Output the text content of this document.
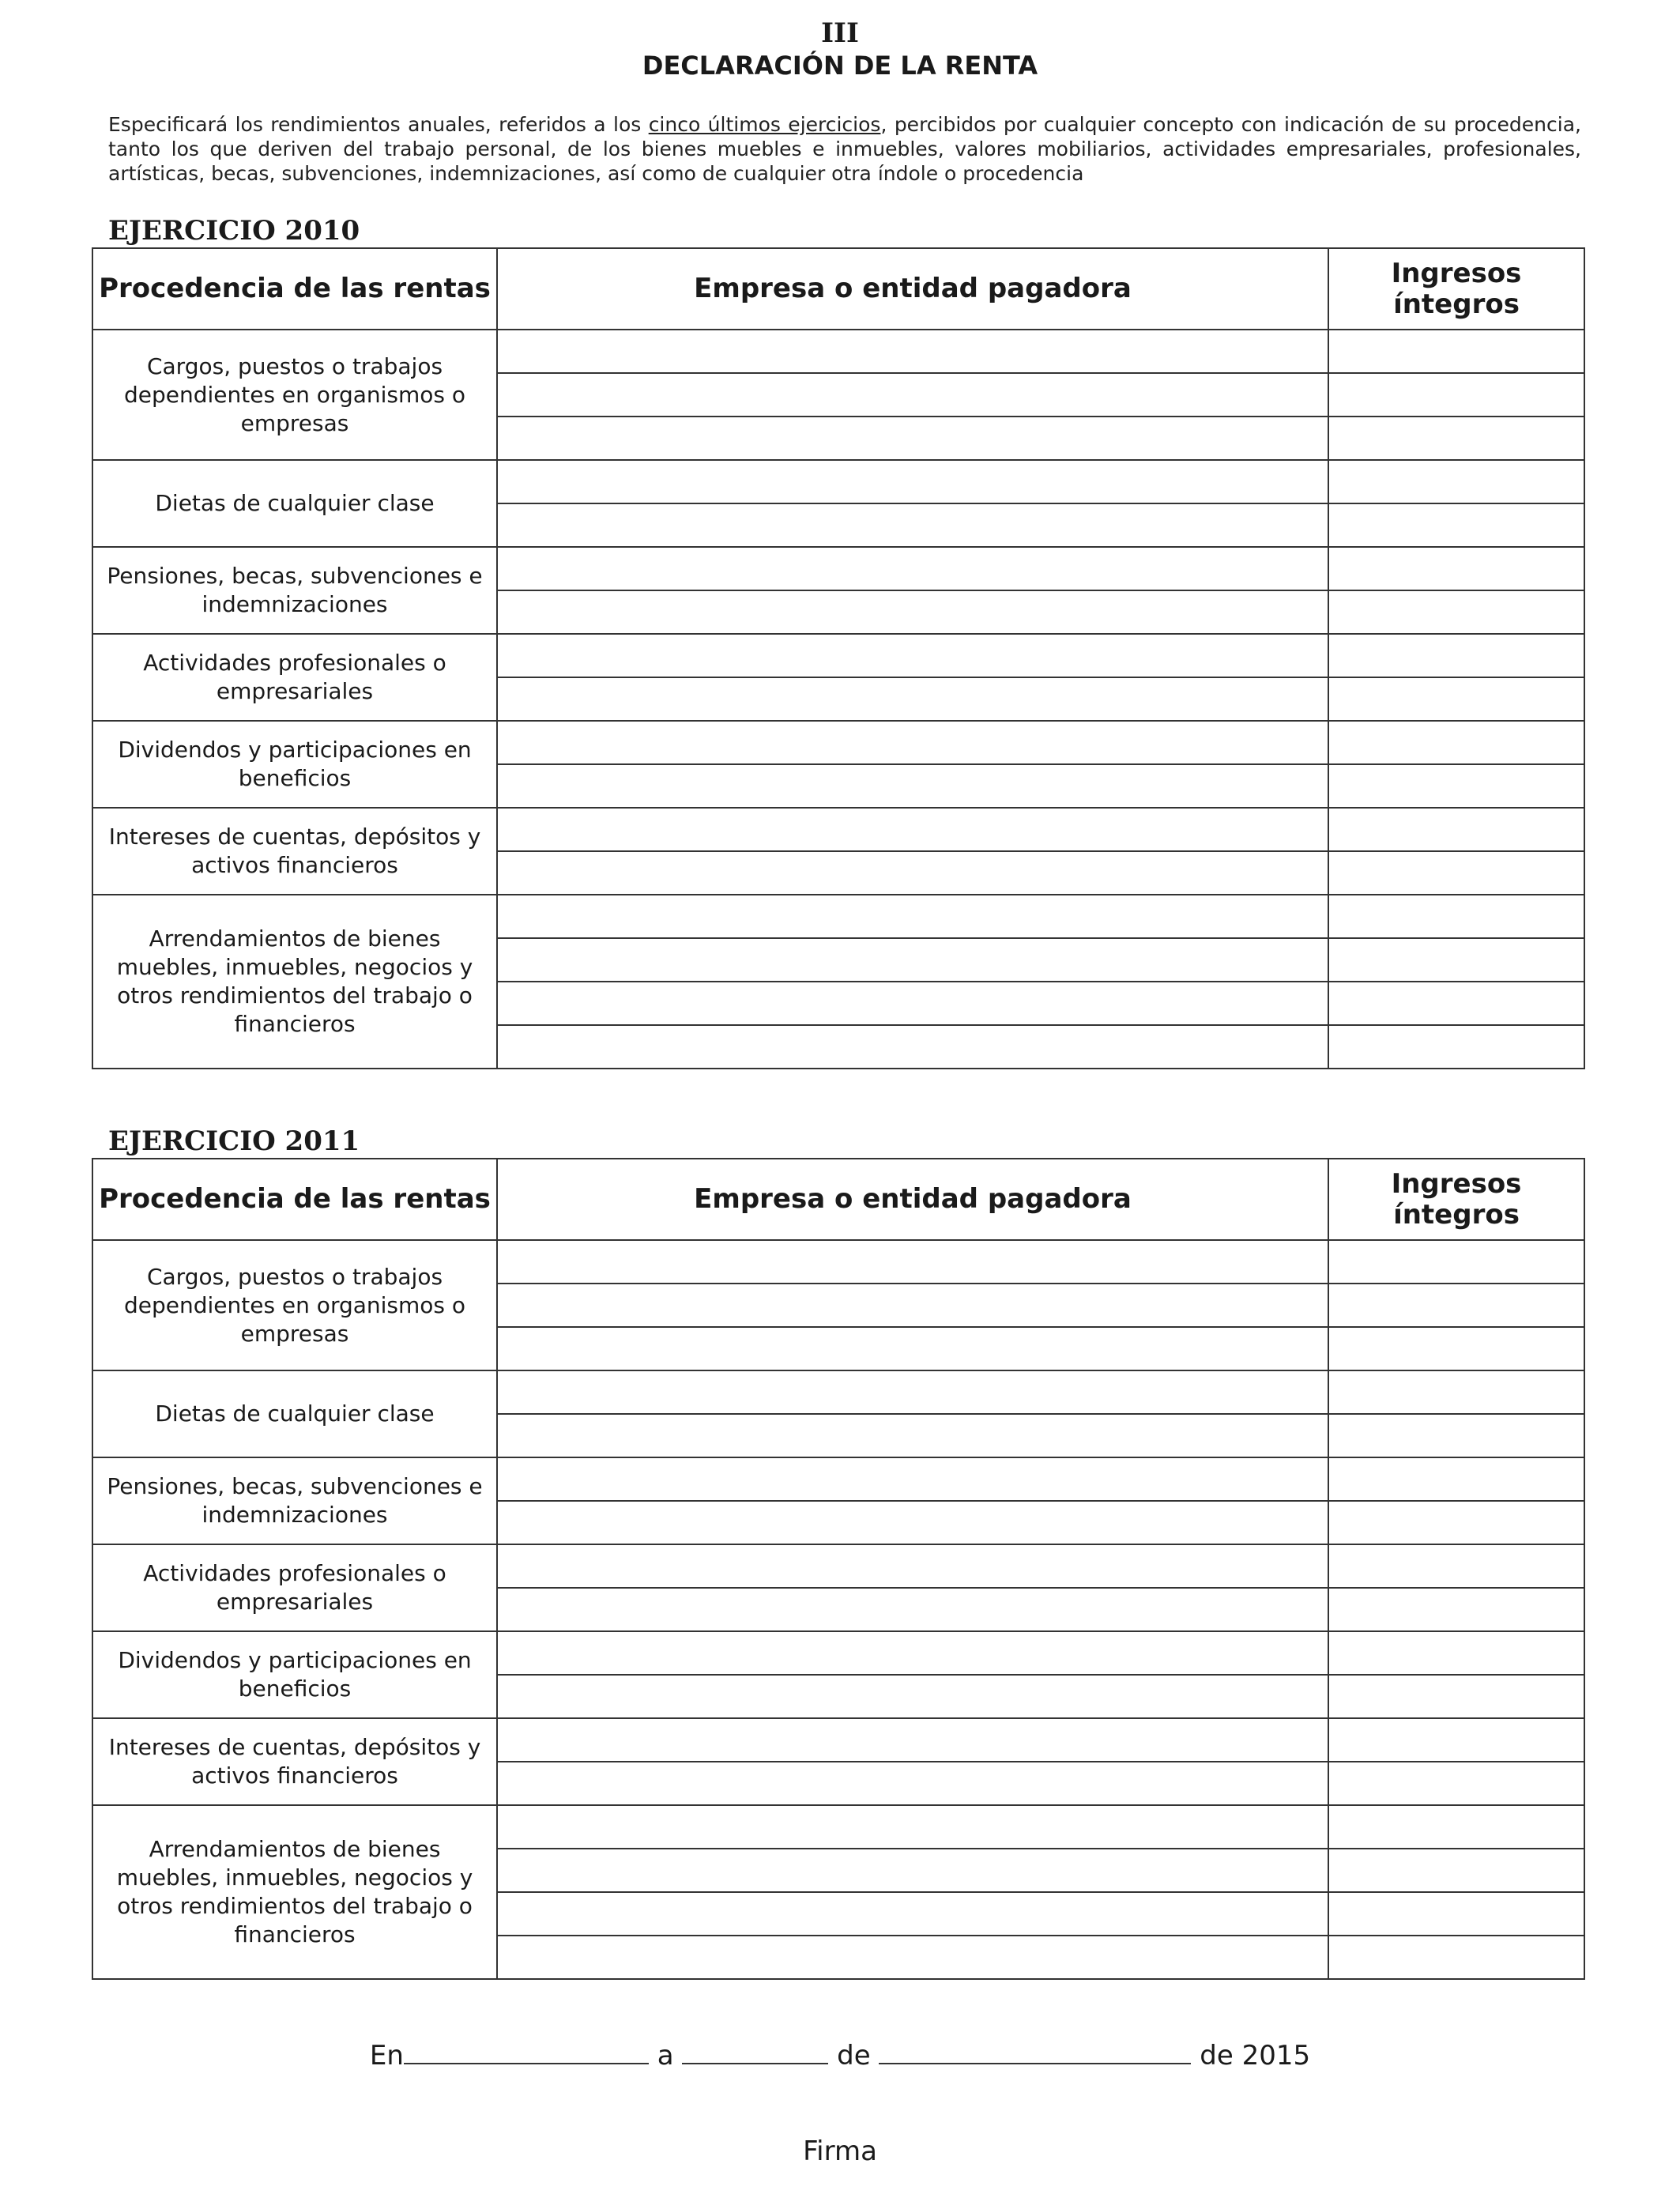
III
DECLARACIÓN DE LA RENTA
Especificará los rendimientos anuales, referidos a los cinco últimos ejercicios, percibidos por cualquier concepto con indicación de su procedencia, tanto los que deriven del trabajo personal, de los bienes muebles e inmuebles, valores mobiliarios, actividades empresariales, profesionales, artísticas, becas, subvenciones, indemnizaciones, así como de cualquier otra índole o procedencia
EJERCICIO 2010
Procedencia de las rentas	Empresa o entidad pagadora	Ingresos íntegros
Cargos, puestos o trabajos dependientes en organismos o empresas		

Dietas de cualquier clase		

Pensiones, becas, subvenciones e indemnizaciones		

Actividades profesionales o empresariales		

Dividendos y participaciones en beneficios		

Intereses de cuentas, depósitos y activos financieros		

Arrendamientos de bienes muebles, inmuebles, negocios y otros rendimientos del trabajo o financieros		

EJERCICIO 2011
Procedencia de las rentas	Empresa o entidad pagadora	Ingresos íntegros
Cargos, puestos o trabajos dependientes en organismos o empresas		

Dietas de cualquier clase		

Pensiones, becas, subvenciones e indemnizaciones		

Actividades profesionales o empresariales		

Dividendos y participaciones en beneficios		

Intereses de cuentas, depósitos y activos financieros		

Arrendamientos de bienes muebles, inmuebles, negocios y otros rendimientos del trabajo o financieros		

En	a	de	de 2015
Firma
